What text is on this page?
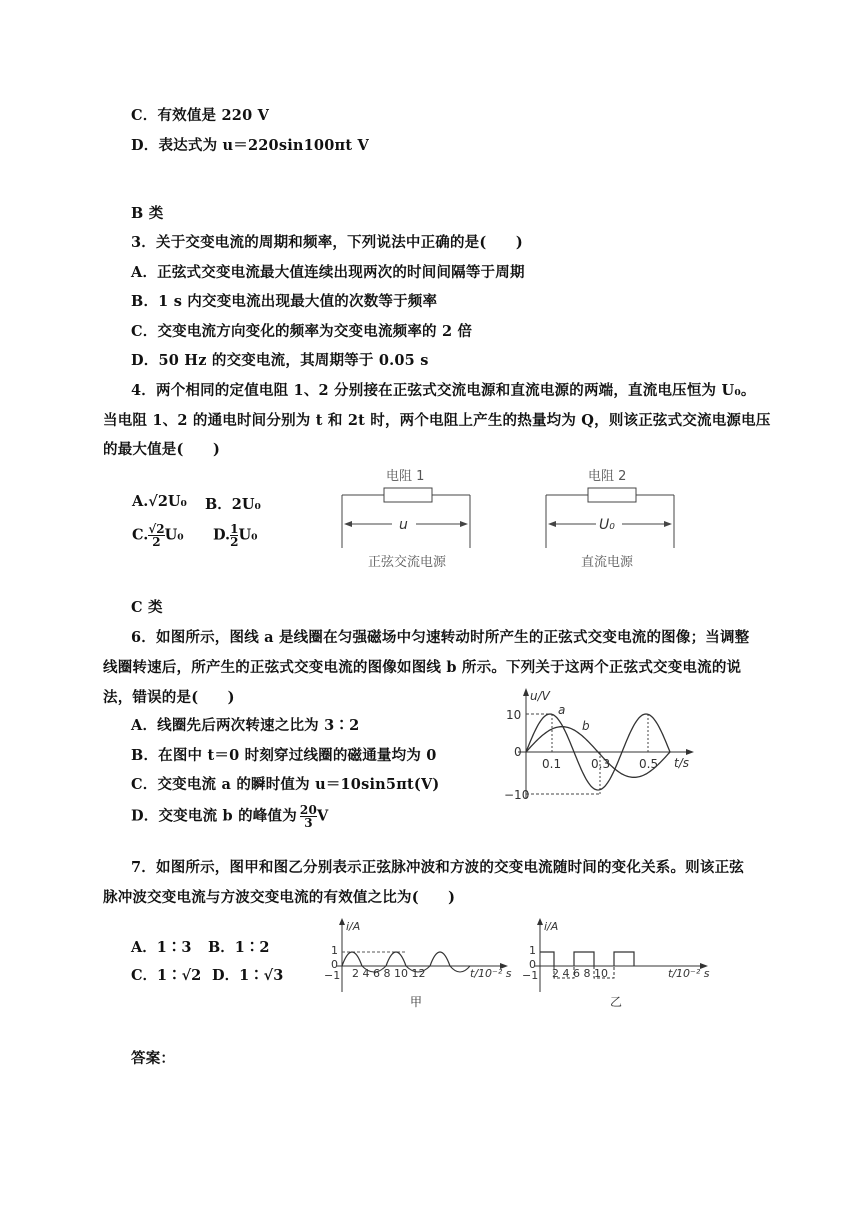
C．有效值是 220 V
D．表达式为 u＝220sin100πt V
B 类
3．关于交变电流的周期和频率，下列说法中正确的是(　　)
A．正弦式交变电流最大值连续出现两次的时间间隔等于周期
B．1 s 内交变电流出现最大值的次数等于频率
C．交变电流方向变化的频率为交变电流频率的 2 倍
D．50 Hz 的交变电流，其周期等于 0.05 s
4．两个相同的定值电阻 1、2 分别接在正弦式交流电源和直流电源的两端，直流电压恒为 U₀。
当电阻 1、2 的通电时间分别为 t 和 2t 时，两个电阻上产生的热量均为 Q，则该正弦式交流电源电压
的最大值是(　　)
A.√2U₀ B．2U₀
C. $\frac{√2}{2} U_0$ D. $\frac{1}{2} U_0$
电阻 1
u
正弦交流电源
电阻 2
U₀
直流电源
C 类
6．如图所示，图线 a 是线圈在匀强磁场中匀速转动时所产生的正弦式交变电流的图像；当调整
线圈转速后，所产生的正弦式交变电流的图像如图线 b 所示。下列关于这两个正弦式交变电流的说
法，错误的是(　　)
A．线圈先后两次转速之比为 3∶2
B．在图中 t＝0 时刻穿过线圈的磁通量均为 0
C．交变电流 a 的瞬时值为 u＝10sin5πt(V)
D．交变电流 b 的峰值为 $\frac{20}{3}$ V
u/V
t/s
10
0
−10
0.1 0.3 0.5
a
b
7．如图所示，图甲和图乙分别表示正弦脉冲波和方波的交变电流随时间的变化关系。则该正弦
脉冲波交变电流与方波交变电流的有效值之比为(　　)
A．1∶3 B．1∶2
C．1∶√2 D．1∶√3
i/A
1
0
−1 2 4 6 8 10 12	t/10⁻² s
甲
i/A
1
0
−1 2 4 6 8 10	t/10⁻² s
乙
答案：
